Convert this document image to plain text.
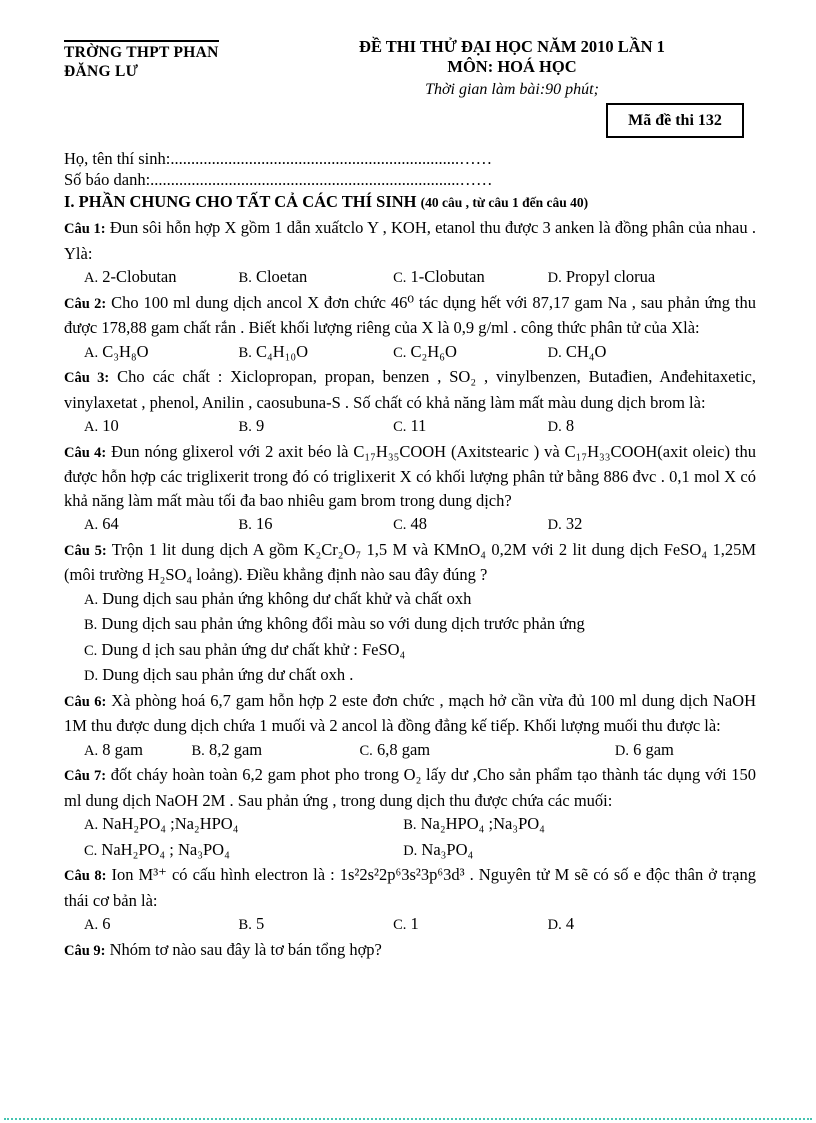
TRỜNG THPT PHAN
ĐĂNG LƯ
ĐỀ THI THỬ ĐẠI HỌC NĂM 2010 LẦN 1
MÔN: HOÁ HỌC
Thời gian làm bài:90 phút;
Mã đề thi 132
Họ, tên thí sinh:......................................................................……
Số báo danh:...........................................................................……
I. PHẦN CHUNG CHO TẤT CẢ CÁC THÍ SINH (40 câu , từ câu 1 đến câu 40)

Câu 1: Đun sôi hỗn hợp X gồm 1 dẫn xuấtclo Y , KOH, etanol thu được 3 anken là đồng phân của nhau . Ylà:

A. 2-Clobutan	B. Cloetan	C. 1-Clobutan	D. Propyl clorua

Câu 2: Cho 100 ml dung dịch ancol X đơn chức 46⁰ tác dụng hết với 87,17 gam Na , sau phản ứng thu được 178,88 gam chất rắn . Biết khối lượng riêng của X là 0,9 g/ml . công thức phân tử của Xlà:

A. C₃H₈O	B. C₄H₁₀O	C. C₂H₆O	D. CH₄O

Câu 3: Cho các chất : Xiclopropan, propan, benzen , SO₂ , vinylbenzen, Butađien, Anđehitaxetic, vinylaxetat , phenol, Anilin , caosubuna-S . Số chất có khả năng làm mất màu dung dịch brom là:

A. 10	B. 9	C. 11	D. 8

Câu 4: Đun nóng glixerol với 2 axit béo là C₁₇H₃₅COOH (Axitstearic ) và C₁₇H₃₃COOH(axit oleic) thu được hỗn hợp các triglixerit trong đó có triglixerit X có khối lượng phân tử bằng 886 đvc . 0,1 mol X có khả năng làm mất màu tối đa bao nhiêu gam brom trong dung dịch?

A. 64	B. 16	C. 48	D. 32

Câu 5: Trộn 1 lit dung dịch A gồm K₂Cr₂O₇ 1,5 M và KMnO₄ 0,2M với 2 lit dung dịch FeSO₄ 1,25M (môi trường H₂SO₄ loảng). Điều khẳng định nào sau đây đúng ?

A. Dung dịch sau phản ứng không dư chất khử và chất oxh
B. Dung dịch sau phản ứng không đổi màu so với dung dịch trước phản ứng
C. Dung d ịch sau phản ứng dư chất khử : FeSO₄
D. Dung dịch sau phản ứng dư chất oxh .

Câu 6: Xà phòng hoá 6,7 gam hỗn hợp 2 este đơn chức , mạch hở cần vừa đủ 100 ml dung dịch NaOH 1M thu được dung dịch chứa 1 muối và 2 ancol là đồng đẳng kế tiếp. Khối lượng muối thu được là:

A. 8 gam	B. 8,2 gam	C. 6,8 gam	D. 6 gam

Câu 7: đốt cháy hoàn toàn 6,2 gam phot pho trong O₂ lấy dư ,Cho sản phẩm tạo thành tác dụng với 150 ml dung dịch NaOH 2M . Sau phản ứng , trong dung dịch thu được chứa các muối:

A. NaH₂PO₄ ;Na₂HPO₄	B. Na₂HPO₄ ;Na₃PO₄
C. NaH₂PO₄ ; Na₃PO₄	D. Na₃PO₄

Câu 8: Ion M³⁺ có cấu hình electron là : 1s²2s²2p⁶3s²3p⁶3d³ . Nguyên tử M sẽ có số e độc thân ở trạng thái cơ bản là:

A. 6	B. 5	C. 1	D. 4

Câu 9: Nhóm tơ nào sau đây là tơ bán tổng hợp?
